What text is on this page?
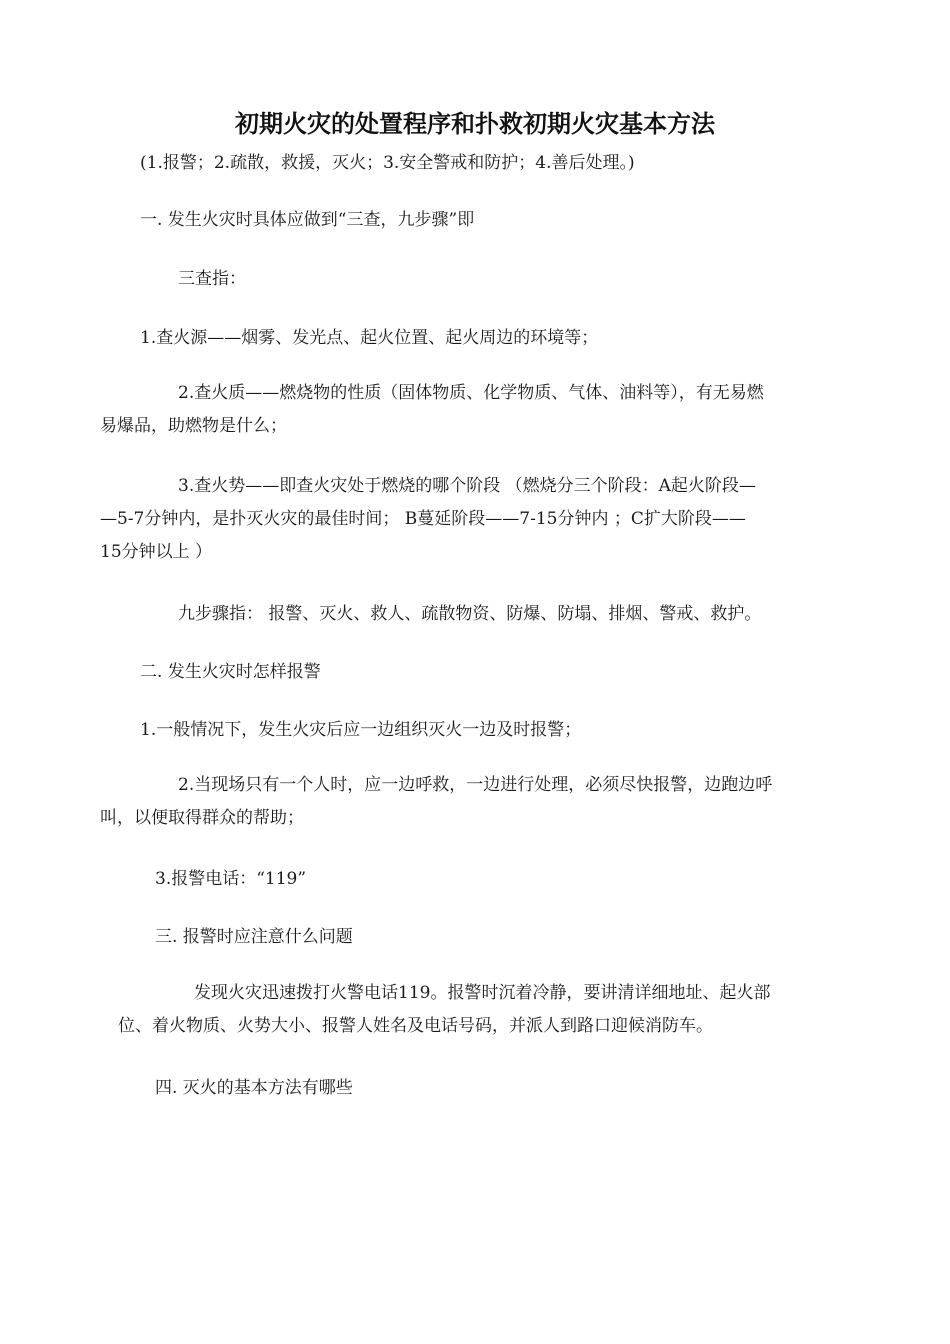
初期火灾的处置程序和扑救初期火灾基本方法
(1.报警；2.疏散，救援，灭火；3.安全警戒和防护；4.善后处理。)
一. 发生火灾时具体应做到“三查，九步骤”即
三查指：
1.查火源——烟雾、发光点、起火位置、起火周边的环境等；
2.查火质——燃烧物的性质（固体物质、化学物质、气体、油料等），有无易燃
易爆品，助燃物是什么；
3.查火势——即查火灾处于燃烧的哪个阶段 （燃烧分三个阶段：A起火阶段—
—5-7分钟内，是扑灭火灾的最佳时间； B蔓延阶段——7-15分钟内 ；C扩大阶段——
15分钟以上 ）
九步骤指： 报警、灭火、救人、疏散物资、防爆、防塌、排烟、警戒、救护。
二. 发生火灾时怎样报警
1.一般情况下，发生火灾后应一边组织灭火一边及时报警；
2.当现场只有一个人时，应一边呼救，一边进行处理，必须尽快报警，边跑边呼
叫，以便取得群众的帮助；
3.报警电话：“119”
三. 报警时应注意什么问题
发现火灾迅速拨打火警电话119。报警时沉着冷静，要讲清详细地址、起火部
位、着火物质、火势大小、报警人姓名及电话号码，并派人到路口迎候消防车。
四. 灭火的基本方法有哪些
